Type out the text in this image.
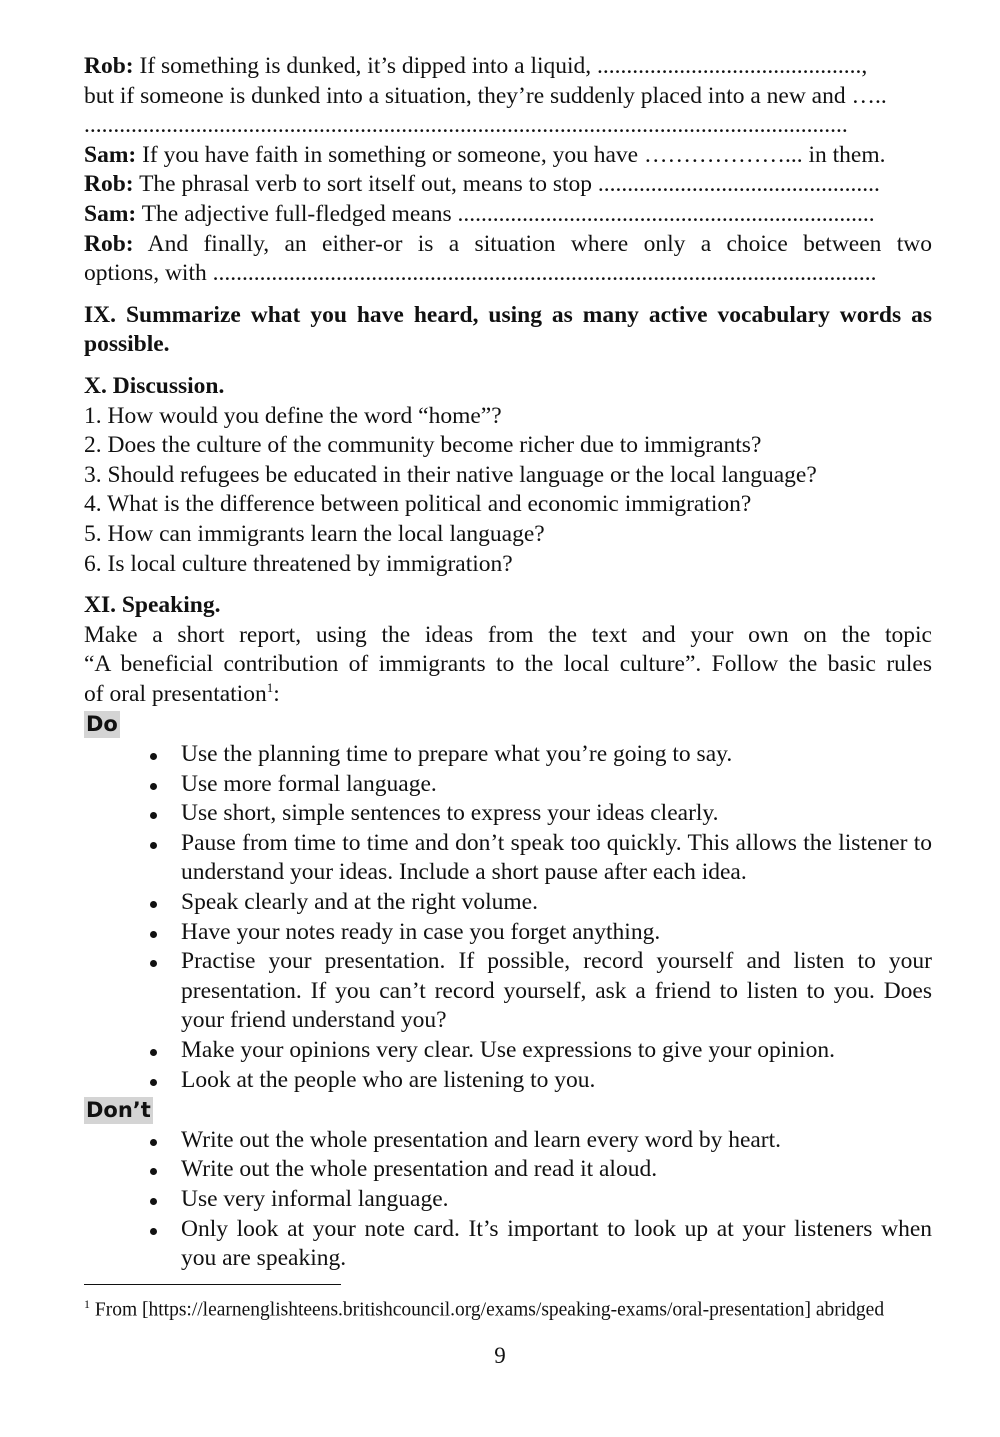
Rob: If something is dunked, it’s dipped into a liquid, .............................................,

but if someone is dunked into a situation, they’re suddenly placed into a new and …..

..................................................................................................................................

Sam: If you have faith in something or someone, you have ………………... in them.

Rob: The phrasal verb to sort itself out, means to stop ................................................

Sam: The adjective full-fledged means .......................................................................

Rob: And finally, an either-or is a situation where only a choice between two

options, with .................................................................................................................

IX. Summarize what you have heard, using as many active vocabulary words as possible.

X. Discussion.

1. How would you define the word “home”?

2. Does the culture of the community become richer due to immigrants?

3. Should refugees be educated in their native language or the local language?

4. What is the difference between political and economic immigration?

5. How can immigrants learn the local language?

6. Is local culture threatened by immigration?

XI. Speaking.

Make a short report, using the ideas from the text and your own on the topic

“A beneficial contribution of immigrants to the local culture”. Follow the basic rules

of oral presentation$^1$:

Do
Use the planning time to prepare what you’re going to say.
Use more formal language.
Use short, simple sentences to express your ideas clearly.
Pause from time to time and don’t speak too quickly. This allows the listener to understand your ideas. Include a short pause after each idea.
Speak clearly and at the right volume.
Have your notes ready in case you forget anything.
Practise your presentation. If possible, record yourself and listen to your presentation. If you can’t record yourself, ask a friend to listen to you. Does your friend understand you?
Make your opinions very clear. Use expressions to give your opinion.
Look at the people who are listening to you.
Don’t
Write out the whole presentation and learn every word by heart.
Write out the whole presentation and read it aloud.
Use very informal language.
Only look at your note card. It’s important to look up at your listeners when you are speaking.
$^1$ From [https://learnenglishteens.britishcouncil.org/exams/speaking-exams/oral-presentation] abridged
9
